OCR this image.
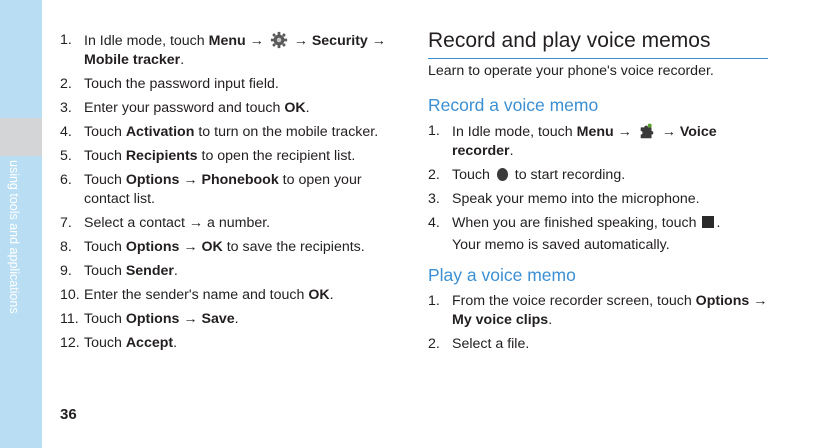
using tools and applications
1. In Idle mode, touch Menu →  → Security → Mobile tracker.
2. Touch the password input field.
3. Enter your password and touch OK.
4. Touch Activation to turn on the mobile tracker.
5. Touch Recipients to open the recipient list.
6. Touch Options → Phonebook to open your contact list.
7. Select a contact → a number.
8. Touch Options → OK to save the recipients.
9. Touch Sender.
10. Enter the sender's name and touch OK.
11. Touch Options → Save.
12. Touch Accept.
Record and play voice memos
Learn to operate your phone's voice recorder.
Record a voice memo
1. In Idle mode, touch Menu →  → Voice recorder.
2. Touch  to start recording.
3. Speak your memo into the microphone.
4. When you are finished speaking, touch .
Your memo is saved automatically.
Play a voice memo
1. From the voice recorder screen, touch Options → My voice clips.
2. Select a file.
36
